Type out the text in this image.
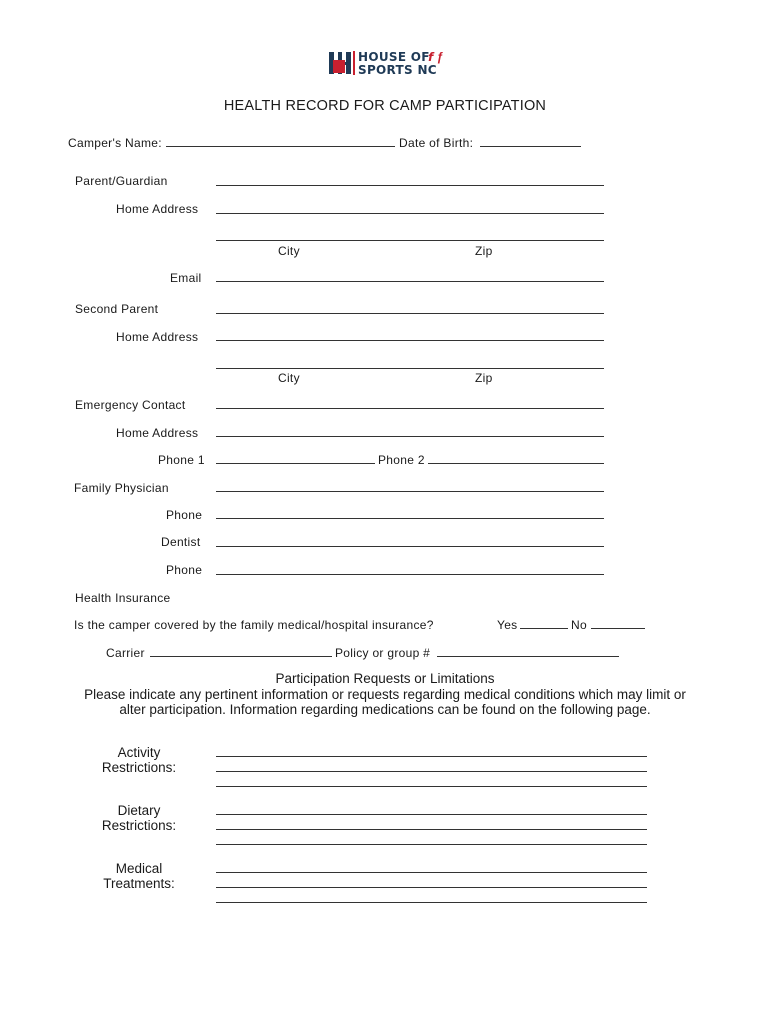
HOUSE OF
SPORTS NC
𝙛 ƒ
HEALTH RECORD FOR CAMP PARTICIPATION
Camper's Name:	Date of Birth:
Parent/Guardian
Home Address
City	Zip
Email
Second Parent
Home Address
City	Zip
Emergency Contact
Home Address
Phone 1	Phone 2
Family Physician
Phone
Dentist
Phone
Health Insurance
Is the camper covered by the family medical/hospital insurance?	Yes	No
Carrier	Policy or group #
Participation Requests or Limitations
Please indicate any pertinent information or requests regarding medical conditions which may limit or alter participation. Information regarding medications can be found on the following page.
Activity
Restrictions:
Dietary
Restrictions:
Medical
Treatments:
